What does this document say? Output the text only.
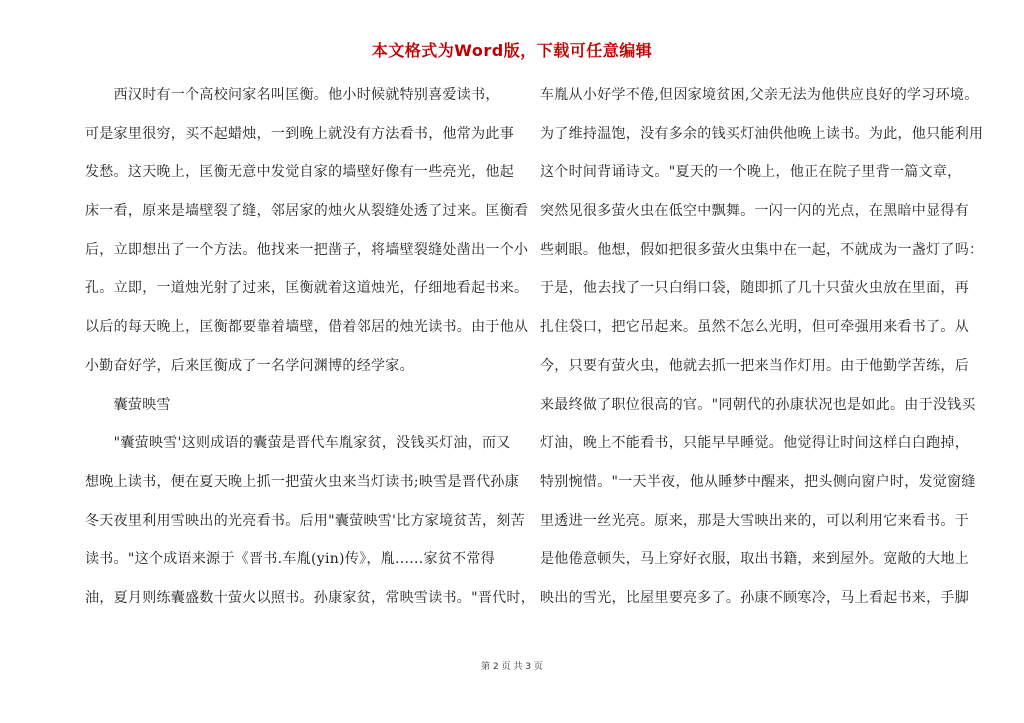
本文格式为Word版，下载可任意编辑
　　西汉时有一个高校问家名叫匡衡。他小时候就特别喜爱读书，
可是家里很穷，买不起蜡烛，一到晚上就没有方法看书，他常为此事
发愁。这天晚上，匡衡无意中发觉自家的墙壁好像有一些亮光，他起
床一看，原来是墙壁裂了缝，邻居家的烛火从裂缝处透了过来。匡衡看
后，立即想出了一个方法。他找来一把凿子，将墙壁裂缝处凿出一个小
孔。立即，一道烛光射了过来，匡衡就着这道烛光，仔细地看起书来。
以后的每天晚上，匡衡都要靠着墙壁，借着邻居的烛光读书。由于他从
小勤奋好学，后来匡衡成了一名学问渊博的经学家。
　　囊萤映雪
　　"囊萤映雪'这则成语的囊萤是晋代车胤家贫，没钱买灯油，而又
想晚上读书，便在夏天晚上抓一把萤火虫来当灯读书;映雪是晋代孙康
冬天夜里利用雪映出的光亮看书。后用"囊萤映雪'比方家境贫苦，刻苦
读书。"这个成语来源于《晋书.车胤(yin)传》，胤......家贫不常得
油，夏月则练囊盛数十萤火以照书。孙康家贫，常映雪读书。"晋代时，
车胤从小好学不倦,但因家境贫困,父亲无法为他供应良好的学习环境。
为了维持温饱，没有多余的钱买灯油供他晚上读书。为此，他只能利用
这个时间背诵诗文。"夏天的一个晚上，他正在院子里背一篇文章，
突然见很多萤火虫在低空中飘舞。一闪一闪的光点，在黑暗中显得有
些刺眼。他想，假如把很多萤火虫集中在一起，不就成为一盏灯了吗：
于是，他去找了一只白绢口袋，随即抓了几十只萤火虫放在里面，再
扎住袋口，把它吊起来。虽然不怎么光明，但可牵强用来看书了。从
今，只要有萤火虫，他就去抓一把来当作灯用。由于他勤学苦练，后
来最终做了职位很高的官。"同朝代的孙康状况也是如此。由于没钱买
灯油，晚上不能看书，只能早早睡觉。他觉得让时间这样白白跑掉，
特别惋惜。"一天半夜，他从睡梦中醒来，把头侧向窗户时，发觉窗缝
里透进一丝光亮。原来，那是大雪映出来的，可以利用它来看书。于
是他倦意顿失，马上穿好衣服，取出书籍，来到屋外。宽敞的大地上
映出的雪光，比屋里要亮多了。孙康不顾寒冷，马上看起书来，手脚
第 2 页 共 3 页
